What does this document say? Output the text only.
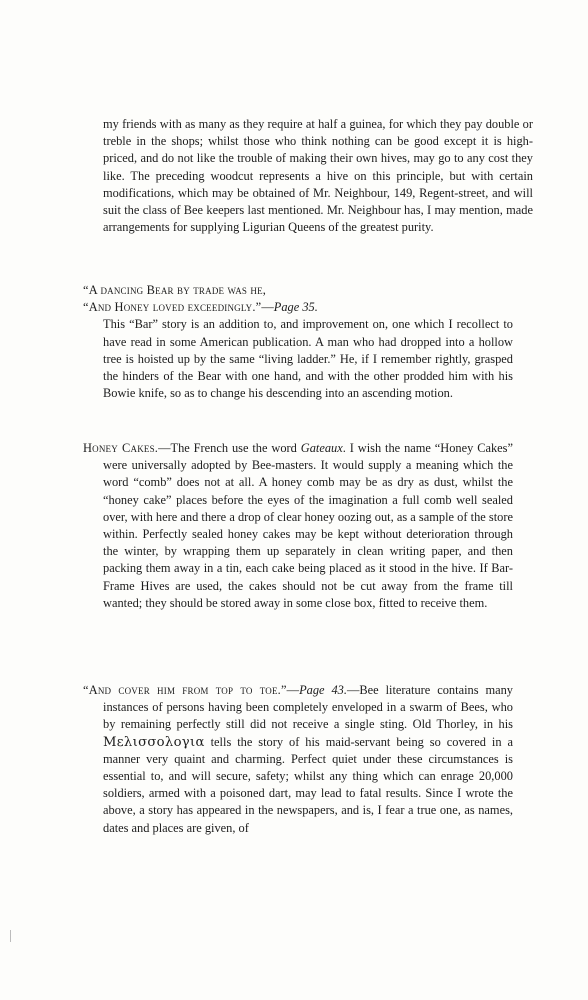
my friends with as many as they require at half a guinea, for which they pay double or treble in the shops; whilst those who think nothing can be good except it is high-priced, and do not like the trouble of making their own hives, may go to any cost they like. The preceding woodcut represents a hive on this principle, but with certain modifications, which may be obtained of Mr. Neighbour, 149, Regent-street, and will suit the class of Bee keepers last mentioned. Mr. Neighbour has, I may mention, made arrangements for supplying Ligurian Queens of the greatest purity.

“A dancing Bear by trade was he,

“And Honey loved exceedingly.”—Page 35.

This “Bar” story is an addition to, and improvement on, one which I recollect to have read in some American publication. A man who had dropped into a hollow tree is hoisted up by the same “living ladder.” He, if I remember rightly, grasped the hinders of the Bear with one hand, and with the other prodded him with his Bowie knife, so as to change his descending into an ascending motion.

Honey Cakes.—The French use the word Gateaux. I wish the name “Honey Cakes” were universally adopted by Bee-masters. It would supply a meaning which the word “comb” does not at all. A honey comb may be as dry as dust, whilst the “honey cake” places before the eyes of the imagination a full comb well sealed over, with here and there a drop of clear honey oozing out, as a sample of the store within. Perfectly sealed honey cakes may be kept without deterioration through the winter, by wrapping them up separately in clean writing paper, and then packing them away in a tin, each cake being placed as it stood in the hive. If Bar-Frame Hives are used, the cakes should not be cut away from the frame till wanted; they should be stored away in some close box, fitted to receive them.

“And cover him from top to toe.”—Page 43.—Bee literature contains many instances of persons having been completely enveloped in a swarm of Bees, who by remaining perfectly still did not receive a single sting. Old Thorley, in his Μελισσολογια tells the story of his maid-servant being so covered in a manner very quaint and charming. Perfect quiet under these circumstances is essential to, and will secure, safety; whilst any thing which can enrage 20,000 soldiers, armed with a poisoned dart, may lead to fatal results. Since I wrote the above, a story has appeared in the newspapers, and is, I fear a true one, as names, dates and places are given, of
